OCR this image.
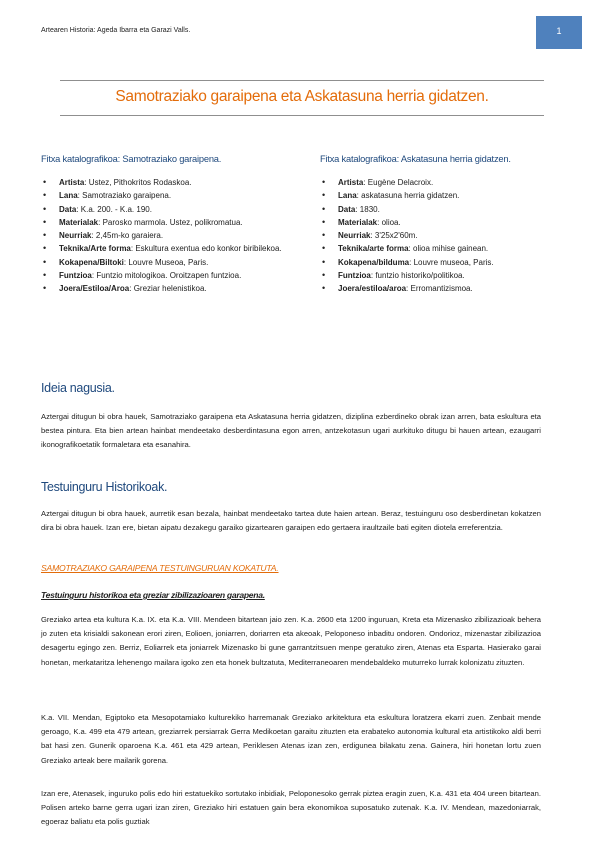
Artearen Historia: Ageda Ibarra eta Garazi Valls.	1
Samotraziako garaipena eta Askatasuna herria gidatzen.
Fitxa katalografikoa: Samotraziako garaipena.
• Artista: Ustez, Pithokritos Rodaskoa.
• Lana: Samotraziako garaipena.
• Data: K.a. 200. - K.a. 190.
• Materialak: Parosko marmola. Ustez, polikromatua.
• Neurriak: 2,45m-ko garaiera.
• Teknika/Arte forma: Eskultura exentua edo konkor biribilekoa.
• Kokapena/Biltoki: Louvre Museoa, Paris.
• Funtzioa: Funtzio mitologikoa. Oroitzapen funtzioa.
• Joera/Estiloa/Aroa: Greziar helenistikoa.
Fitxa katalografikoa: Askatasuna herria gidatzen.
• Artista: Eugène Delacroix.
• Lana: askatasuna herria gidatzen.
• Data: 1830.
• Materialak: olioa.
• Neurriak: 3'25x2'60m.
• Teknika/arte forma: olioa mihise gainean.
• Kokapena/bilduma: Louvre museoa, Paris.
• Funtzioa: funtzio historiko/politikoa.
• Joera/estiloa/aroa: Erromantizismoa.
Ideia nagusia.
Aztergai ditugun bi obra hauek, Samotraziako garaipena eta Askatasuna herria gidatzen, diziplina ezberdineko obrak izan arren, bata eskultura eta bestea pintura. Eta bien artean hainbat mendeetako desberdintasuna egon arren, antzekotasun ugari aurkituko ditugu bi hauen artean, ezaugarri ikonografikoetatik formaletara eta esanahira.
Testuinguru Historikoak.
Aztergai ditugun bi obra hauek, aurretik esan bezala, hainbat mendeetako tartea dute haien artean. Beraz, testuinguru oso desberdinetan kokatzen dira bi obra hauek. Izan ere, bietan aipatu dezakegu garaiko gizartearen garaipen edo gertaera iraultzaile bati egiten diotela erreferentzia.
SAMOTRAZIAKO GARAIPENA TESTUINGURUAN KOKATUTA.
Testuinguru historikoa eta greziar zibilizazioaren garapena.
Greziako artea eta kultura K.a. IX. eta K.a. VIII. Mendeen bitartean jaio zen. K.a. 2600 eta 1200 inguruan, Kreta eta Mizenasko zibilizazioak behera jo zuten eta krisialdi sakonean erori ziren, Eolioen, joniarren, doriarren eta akeoak, Peloponeso inbaditu ondoren. Ondorioz, mizenastar zibilizazioa desagertu egingo zen. Berriz, Eoliarrek eta joniarrek Mizenasko bi gune garrantzitsuen menpe geratuko ziren, Atenas eta Esparta. Hasierako garai honetan, merkataritza lehenengo mailara igoko zen eta honek bultzatuta, Mediterraneoaren mendebaldeko muturreko lurrak kolonizatu zituzten.
K.a. VII. Mendan, Egiptoko eta Mesopotamiako kulturekiko harremanak Greziako arkitektura eta eskultura loratzera ekarri zuen. Zenbait mende geroago, K.a. 499 eta 479 artean, greziarrek persiarrak Gerra Medikoetan garaitu zituzten eta erabateko autonomia kultural eta artistikoko aldi berri bat hasi zen. Gunerik oparoena K.a. 461 eta 429 artean, Periklesen Atenas izan zen, erdigunea bilakatu zena. Gainera, hiri honetan lortu zuen Greziako arteak bere mailarik gorena.
Izan ere, Atenasek, inguruko polis edo hiri estatuekiko sortutako inbidiak, Peloponesoko gerrak piztea eragin zuen, K.a. 431 eta 404 ureen bitartean. Polisen arteko barne gerra ugari izan ziren, Greziako hiri estatuen gain bera ekonomikoa suposatuko zutenak. K.a. IV. Mendean, mazedoniarrak, egoeraz baliatu eta polis guztiak
